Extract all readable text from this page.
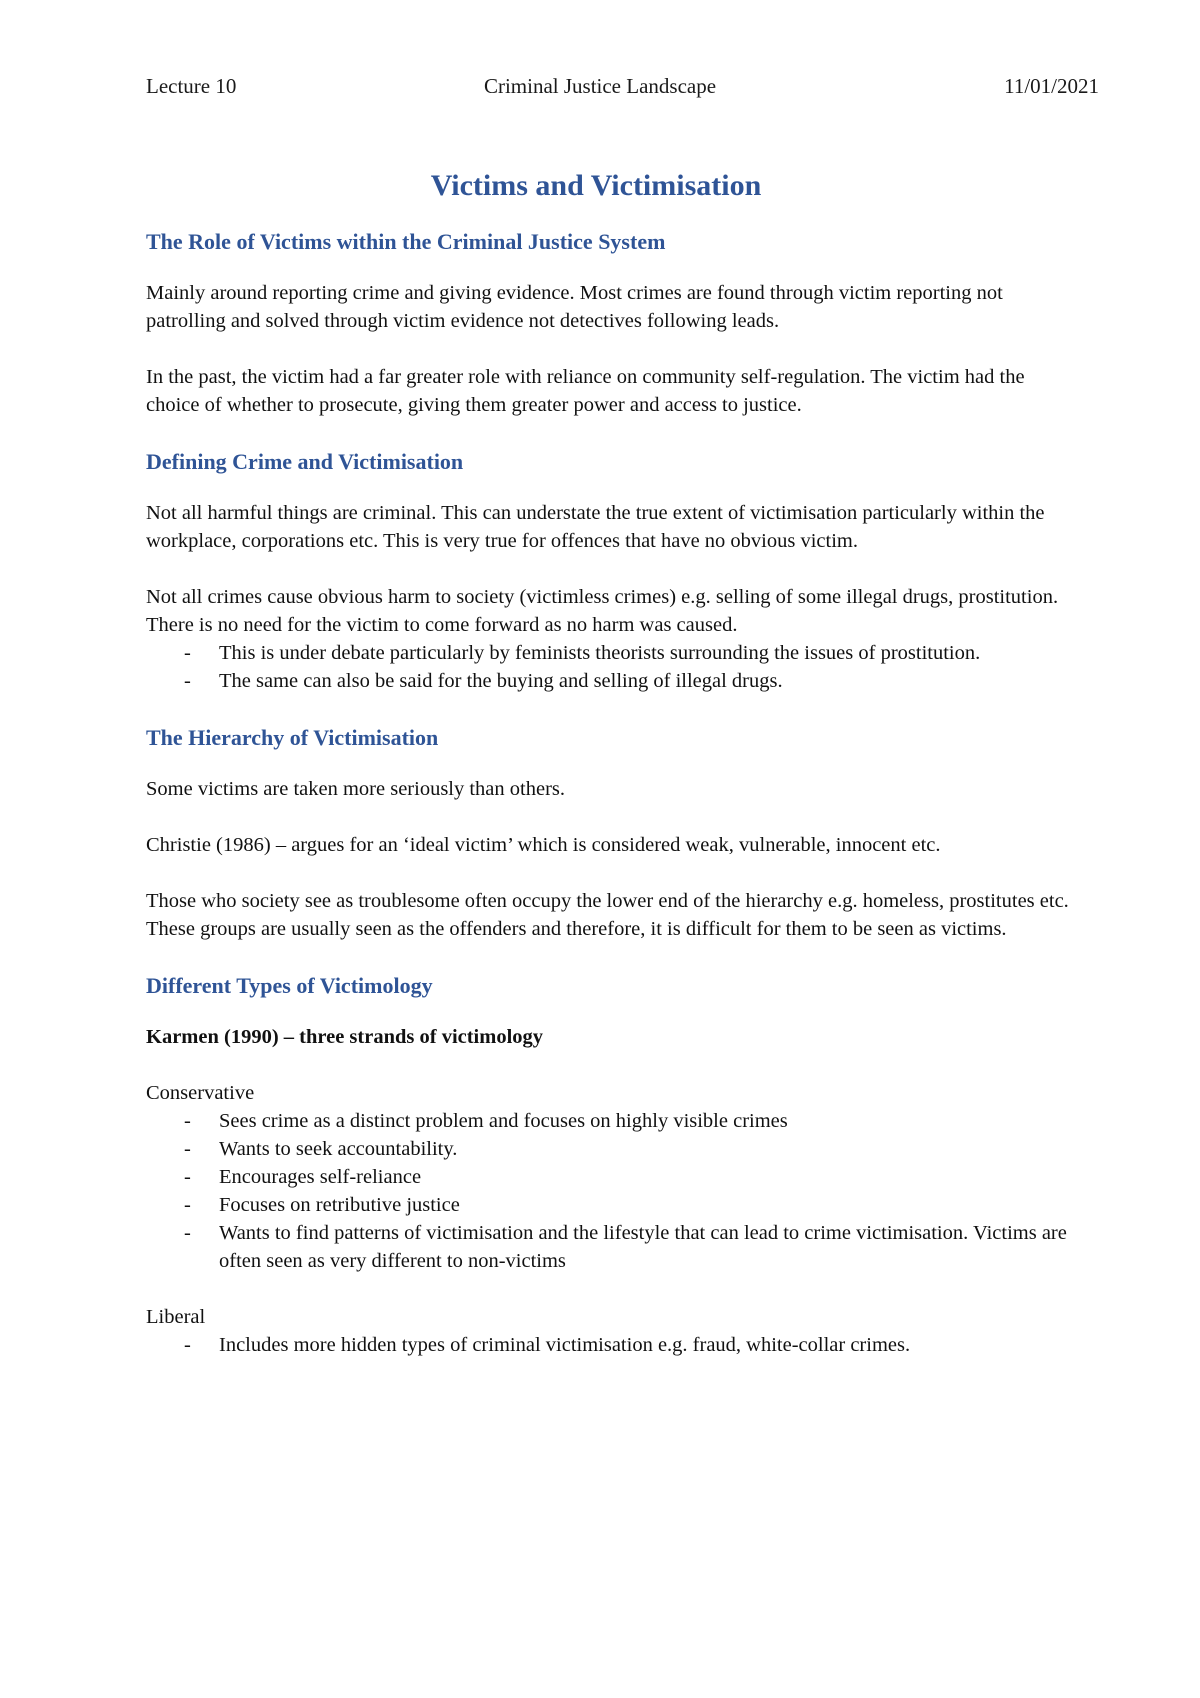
Lecture 10	Criminal Justice Landscape	11/01/2021
Victims and Victimisation
The Role of Victims within the Criminal Justice System

Mainly around reporting crime and giving evidence. Most crimes are found through victim reporting not patrolling and solved through victim evidence not detectives following leads.

In the past, the victim had a far greater role with reliance on community self-regulation. The victim had the choice of whether to prosecute, giving them greater power and access to justice.

Defining Crime and Victimisation

Not all harmful things are criminal. This can understate the true extent of victimisation particularly within the workplace, corporations etc. This is very true for offences that have no obvious victim.

Not all crimes cause obvious harm to society (victimless crimes) e.g. selling of some illegal drugs, prostitution. There is no need for the victim to come forward as no harm was caused.

- This is under debate particularly by feminists theorists surrounding the issues of prostitution.
- The same can also be said for the buying and selling of illegal drugs.
The Hierarchy of Victimisation

Some victims are taken more seriously than others.

Christie (1986) – argues for an ‘ideal victim’ which is considered weak, vulnerable, innocent etc.

Those who society see as troublesome often occupy the lower end of the hierarchy e.g. homeless, prostitutes etc. These groups are usually seen as the offenders and therefore, it is difficult for them to be seen as victims.

Different Types of Victimology

Karmen (1990) – three strands of victimology

Conservative

- Sees crime as a distinct problem and focuses on highly visible crimes
- Wants to seek accountability.
- Encourages self-reliance
- Focuses on retributive justice
- Wants to find patterns of victimisation and the lifestyle that can lead to crime victimisation. Victims are often seen as very different to non-victims

Liberal

- Includes more hidden types of criminal victimisation e.g. fraud, white-collar crimes.
